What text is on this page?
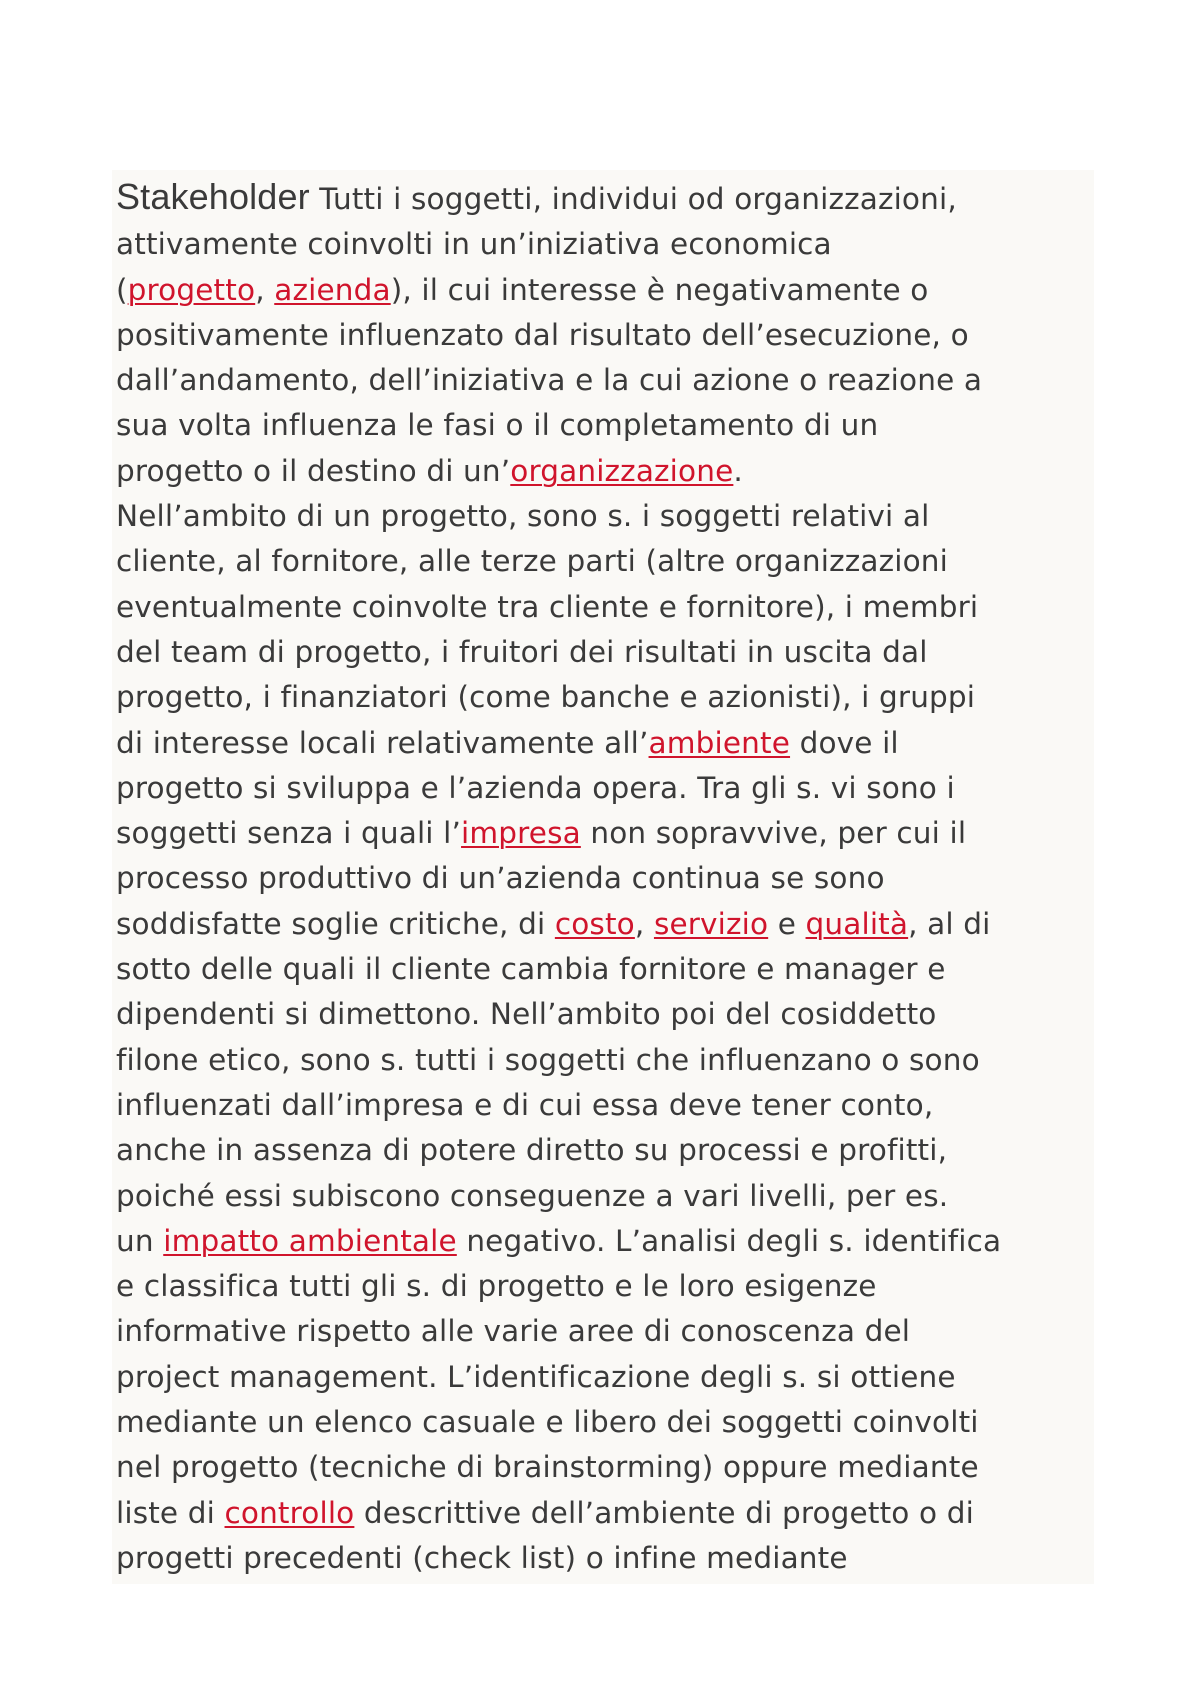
Stakeholder Tutti i soggetti, individui od organizzazioni,
attivamente coinvolti in un’iniziativa economica
(progetto, azienda), il cui interesse è negativamente o
positivamente influenzato dal risultato dell’esecuzione, o
dall’andamento, dell’iniziativa e la cui azione o reazione a
sua volta influenza le fasi o il completamento di un
progetto o il destino di un’organizzazione.
Nell’ambito di un progetto, sono s. i soggetti relativi al
cliente, al fornitore, alle terze parti (altre organizzazioni
eventualmente coinvolte tra cliente e fornitore), i membri
del team di progetto, i fruitori dei risultati in uscita dal
progetto, i finanziatori (come banche e azionisti), i gruppi
di interesse locali relativamente all’ambiente dove il
progetto si sviluppa e l’azienda opera. Tra gli s. vi sono i
soggetti senza i quali l’impresa non sopravvive, per cui il
processo produttivo di un’azienda continua se sono
soddisfatte soglie critiche, di costo, servizio e qualità, al di
sotto delle quali il cliente cambia fornitore e manager e
dipendenti si dimettono. Nell’ambito poi del cosiddetto
filone etico, sono s. tutti i soggetti che influenzano o sono
influenzati dall’impresa e di cui essa deve tener conto,
anche in assenza di potere diretto su processi e profitti,
poiché essi subiscono conseguenze a vari livelli, per es.
un impatto ambientale negativo. L’analisi degli s. identifica
e classifica tutti gli s. di progetto e le loro esigenze
informative rispetto alle varie aree di conoscenza del
project management. L’identificazione degli s. si ottiene
mediante un elenco casuale e libero dei soggetti coinvolti
nel progetto (tecniche di brainstorming) oppure mediante
liste di controllo descrittive dell’ambiente di progetto o di
progetti precedenti (check list) o infine mediante
